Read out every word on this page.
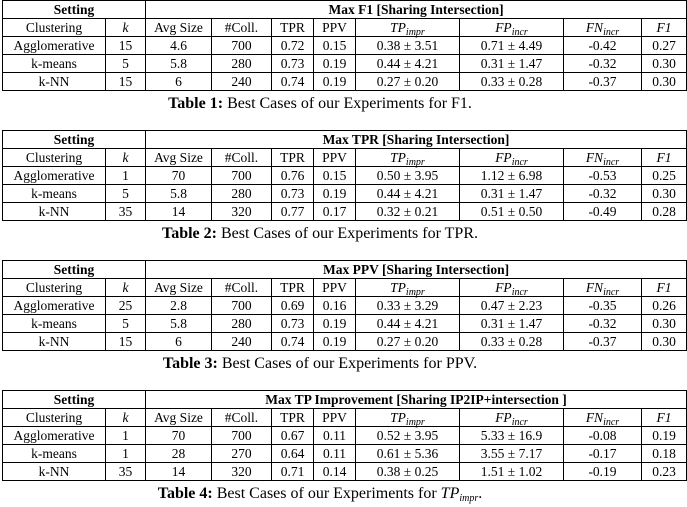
Setting		Max F1 [Sharing Intersection]							
Clustering	k	Avg Size	#Coll.	TPR	PPV	$TP_{impr}$	$FP_{incr}$	$FN_{incr}$	F1
Agglomerative	15	4.6	700	0.72	0.15	0.38 ± 3.51	0.71 ± 4.49	-0.42	0.27
k-means	5	5.8	280	0.73	0.19	0.44 ± 4.21	0.31 ± 1.47	-0.32	0.30
k-NN	15	6	240	0.74	0.19	0.27 ± 0.20	0.33 ± 0.28	-0.37	0.30
Table 1: Best Cases of our Experiments for F1.
Setting		Max TPR [Sharing Intersection]							
Clustering	k	Avg Size	#Coll.	TPR	PPV	$TP_{impr}$	$FP_{incr}$	$FN_{incr}$	F1
Agglomerative	1	70	700	0.76	0.15	0.50 ± 3.95	1.12 ± 6.98	-0.53	0.25
k-means	5	5.8	280	0.73	0.19	0.44 ± 4.21	0.31 ± 1.47	-0.32	0.30
k-NN	35	14	320	0.77	0.17	0.32 ± 0.21	0.51 ± 0.50	-0.49	0.28
Table 2: Best Cases of our Experiments for TPR.
Setting		Max PPV [Sharing Intersection]							
Clustering	k	Avg Size	#Coll.	TPR	PPV	$TP_{impr}$	$FP_{incr}$	$FN_{incr}$	F1
Agglomerative	25	2.8	700	0.69	0.16	0.33 ± 3.29	0.47 ± 2.23	-0.35	0.26
k-means	5	5.8	280	0.73	0.19	0.44 ± 4.21	0.31 ± 1.47	-0.32	0.30
k-NN	15	6	240	0.74	0.19	0.27 ± 0.20	0.33 ± 0.28	-0.37	0.30
Table 3: Best Cases of our Experiments for PPV.
Setting		Max TP Improvement [Sharing IP2IP+intersection ]							
Clustering	k	Avg Size	#Coll.	TPR	PPV	$TP_{impr}$	$FP_{incr}$	$FN_{incr}$	F1
Agglomerative	1	70	700	0.67	0.11	0.52 ± 3.95	5.33 ± 16.9	-0.08	0.19
k-means	1	28	270	0.64	0.11	0.61 ± 5.36	3.55 ± 7.17	-0.17	0.18
k-NN	35	14	320	0.71	0.14	0.38 ± 0.25	1.51 ± 1.02	-0.19	0.23
Table 4: Best Cases of our Experiments for $TP_{impr}$.
